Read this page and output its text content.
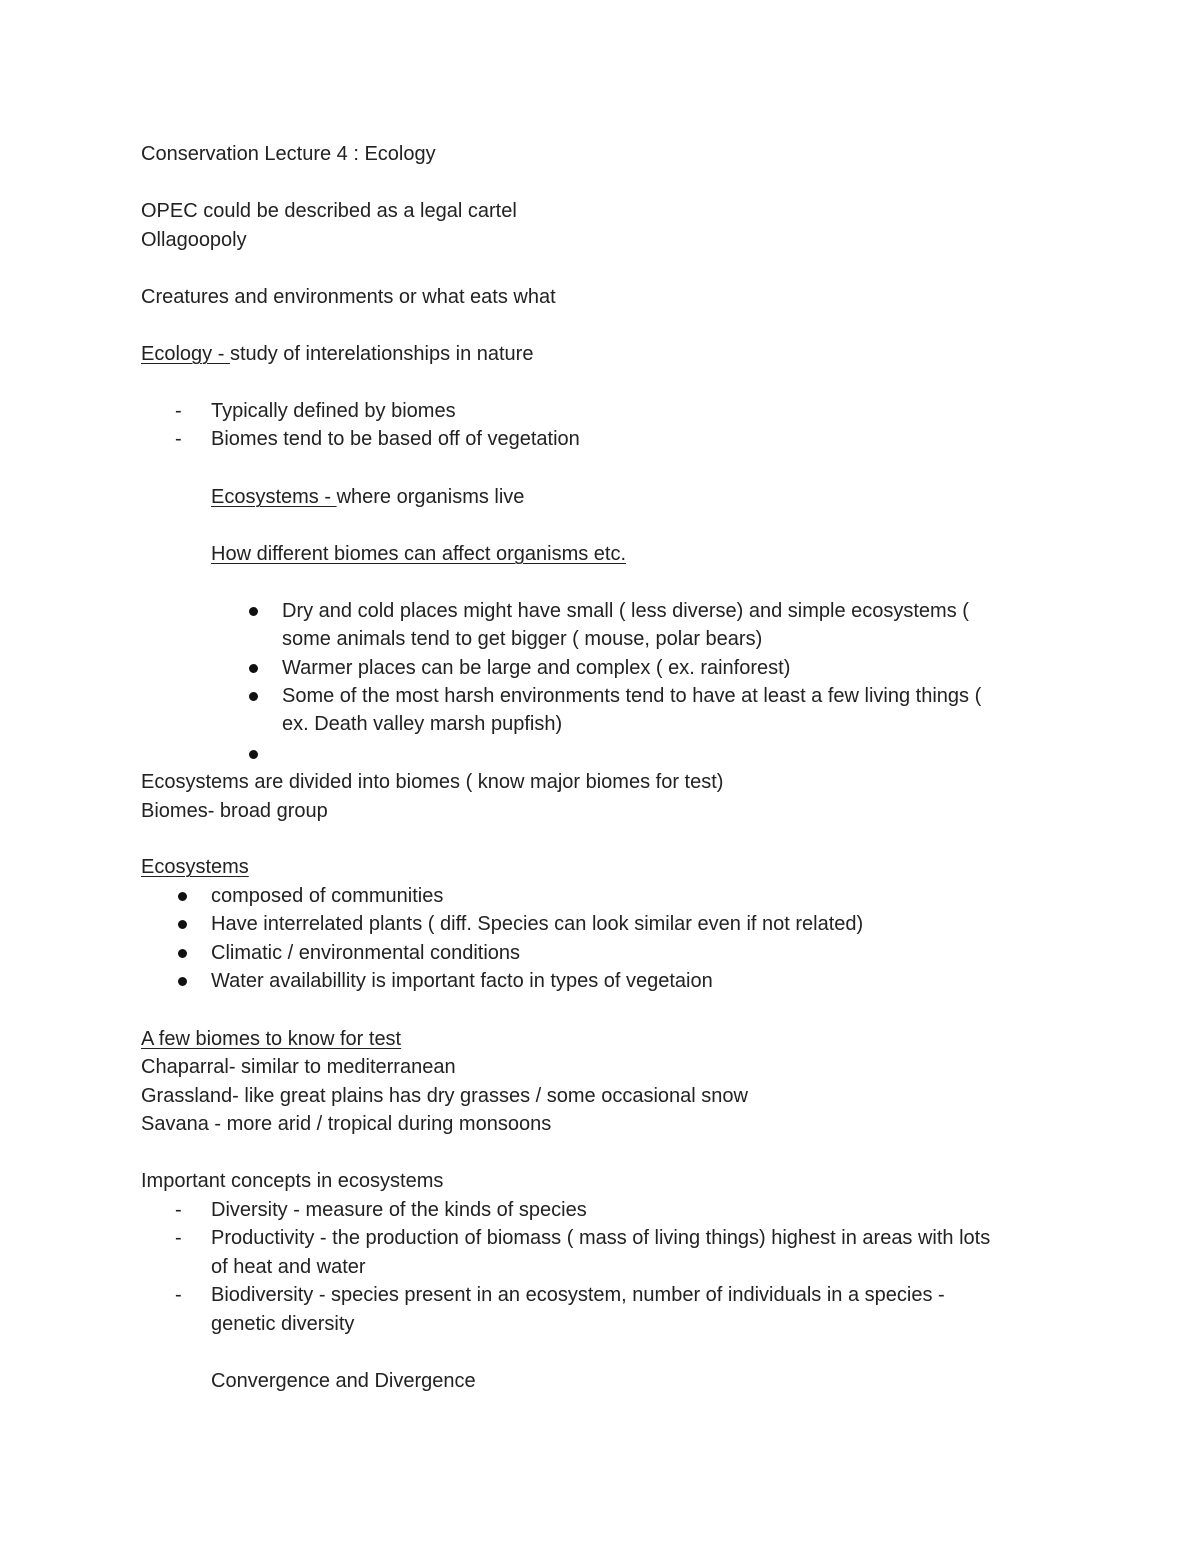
Conservation Lecture 4 : Ecology
OPEC could be described as a legal cartel
Ollagoopoly
Creatures and environments or what eats what
Ecology - study of interelationships in nature
- Typically defined by biomes
- Biomes tend to be based off of vegetation
Ecosystems - where organisms live
How different biomes can affect organisms etc.
Dry and cold places might have small ( less diverse) and simple ecosystems (
some animals tend to get bigger ( mouse, polar bears)
Warmer places can be large and complex ( ex. rainforest)
Some of the most harsh environments tend to have at least a few living things (
ex. Death valley marsh pupfish)
Ecosystems are divided into biomes ( know major biomes for test)
Biomes- broad group
Ecosystems
composed of communities
Have interrelated plants ( diff. Species can look similar even if not related)
Climatic / environmental conditions
Water availabillity is important facto in types of vegetaion
A few biomes to know for test
Chaparral- similar to mediterranean
Grassland- like great plains has dry grasses / some occasional snow
Savana - more arid / tropical during monsoons
Important concepts in ecosystems
- Diversity - measure of the kinds of species
- Productivity - the production of biomass ( mass of living things) highest in areas with lots
of heat and water
- Biodiversity - species present in an ecosystem, number of individuals in a species -
genetic diversity
Convergence and Divergence
